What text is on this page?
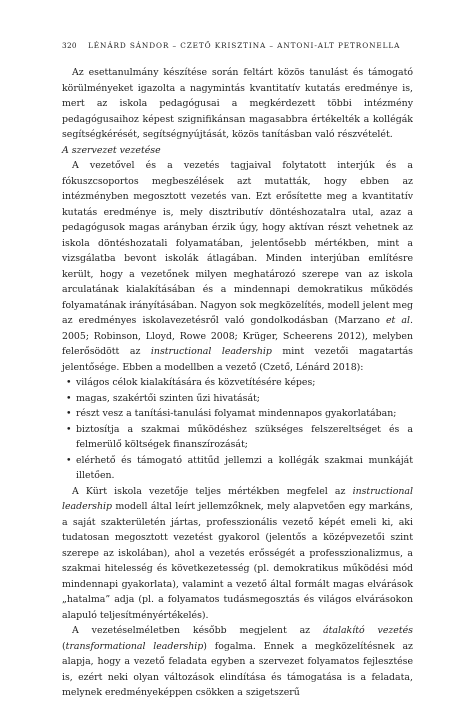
320 LÉNÁRD SÁNDOR – CZETŐ KRISZTINA – ANTONI-ALT PETRONELLA

Az esettanulmány készítése során feltárt közös tanulást és támogató körülményeket igazolta a nagymintás kvantitatív kutatás eredménye is, mert az iskola pedagógusai a megkérdezett többi intézmény pedagógusaihoz képest szignifikánsan magasabbra értékelték a kollégák segítségkérését, segítségnyújtását, közös tanításban való részvételét.

A szervezet vezetése

A vezetővel és a vezetés tagjaival folytatott interjúk és a fókuszcsoportos megbeszélések azt mutatták, hogy ebben az intézményben megosztott vezetés van. Ezt erősítette meg a kvantitatív kutatás eredménye is, mely disztributív döntéshozatalra utal, azaz a pedagógusok magas arányban érzik úgy, hogy aktívan részt vehetnek az iskola döntéshozatali folyamatában, jelentősebb mértékben, mint a vizsgálatba bevont iskolák átlagában. Minden interjúban említésre került, hogy a vezetőnek milyen meghatározó szerepe van az iskola arculatának kialakításában és a mindennapi demokratikus működés folyamatának irányításában. Nagyon sok megközelítés, modell jelent meg az eredményes iskolavezetésről való gondolkodásban (Marzano et al. 2005; Robinson, Lloyd, Rowe 2008; Krüger, Scheerens 2012), melyben felerősödött az instructional leadership mint vezetői magatartás jelentősége. Ebben a modellben a vezető (Czető, Lénárd 2018):

• világos célok kialakítására és közvetítésére képes;
• magas, szakértői szinten űzi hivatását;
• részt vesz a tanítási-tanulási folyamat mindennapos gyakorlatában;
• biztosítja a szakmai működéshez szükséges felszereltséget és a felmerülő költségek finanszírozását;
• elérhető és támogató attitűd jellemzi a kollégák szakmai munkáját illetően.

A Kürt iskola vezetője teljes mértékben megfelel az instructional leadership modell által leírt jellemzőknek, mely alapvetően egy markáns, a saját szakterületén jártas, professzionális vezető képét emeli ki, aki tudatosan megosztott vezetést gyakorol (jelentős a középvezetői szint szerepe az iskolában), ahol a vezetés erősségét a professzionalizmus, a szakmai hitelesség és következetesség (pl. demokratikus működési mód mindennapi gyakorlata), valamint a vezető által formált magas elvárások „hatalma” adja (pl. a folyamatos tudásmegosztás és világos elvárásokon alapuló teljesítményértékelés).

A vezetéselméletben később megjelent az átalakító vezetés (transformational leadership) fogalma. Ennek a megközelítésnek az alapja, hogy a vezető feladata egyben a szervezet folyamatos fejlesztése is, ezért neki olyan változások elindítása és támogatása is a feladata, melynek eredményeképpen csökken a szigetszerű
